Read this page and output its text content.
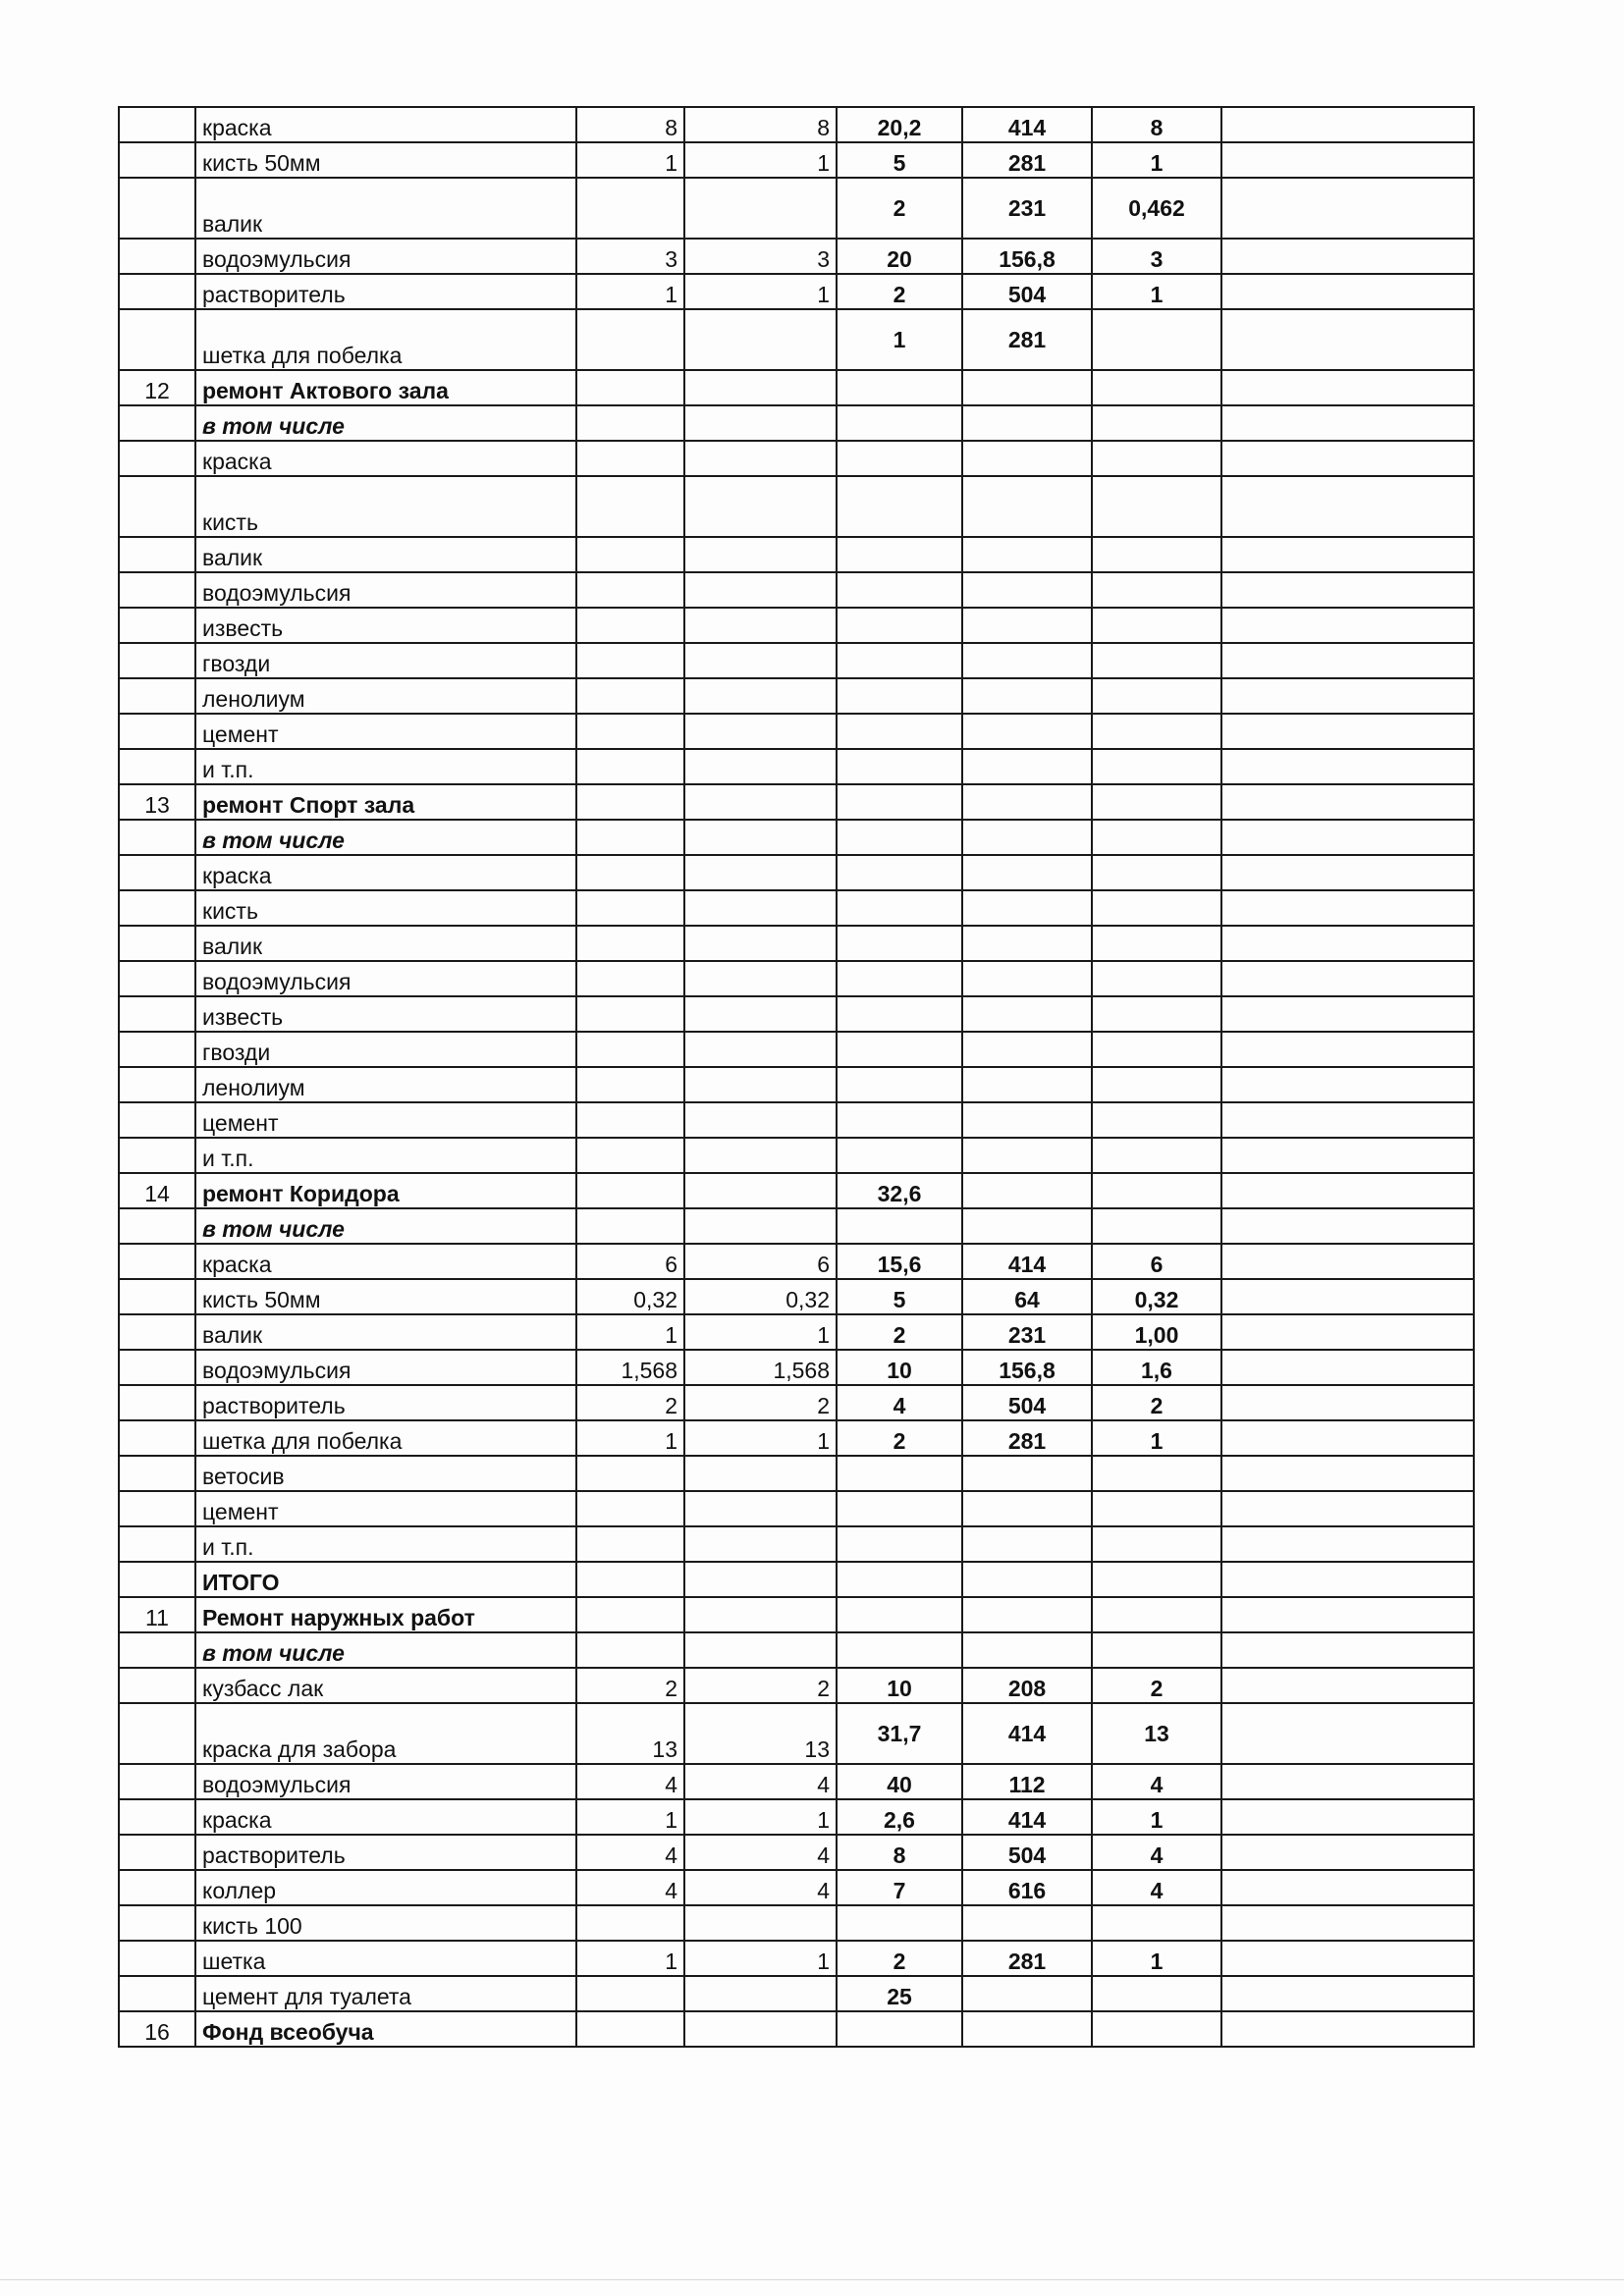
	краска	8	8	20,2	414	8	
	кисть 50мм	1	1	5	281	1	
	валик			2	231	0,462	
	водоэмульсия	3	3	20	156,8	3	
	растворитель	1	1	2	504	1	
	шетка для побелка			1	281		
12	ремонт Актового зала						
	в том числе						
	краска						
	кисть						
	валик						
	водоэмульсия						
	известь						
	гвозди						
	ленолиум						
	цемент						
	и т.п.						
13	ремонт Спорт зала						
	в том числе						
	краска						
	кисть						
	валик						
	водоэмульсия						
	известь						
	гвозди						
	ленолиум						
	цемент						
	и т.п.						
14	ремонт Коридора			32,6			
	в том числе						
	краска	6	6	15,6	414	6	
	кисть 50мм	0,32	0,32	5	64	0,32	
	валик	1	1	2	231	1,00	
	водоэмульсия	1,568	1,568	10	156,8	1,6	
	растворитель	2	2	4	504	2	
	шетка для побелка	1	1	2	281	1	
	ветосив						
	цемент						
	и т.п.						
	ИТОГО						
11	Ремонт наружных работ						
	в том числе						
	кузбасс лак	2	2	10	208	2	
	краска для забора	13	13	31,7	414	13	
	водоэмульсия	4	4	40	112	4	
	краска	1	1	2,6	414	1	
	растворитель	4	4	8	504	4	
	коллер	4	4	7	616	4	
	кисть 100						
	шетка	1	1	2	281	1	
	цемент для туалета			25			
16	Фонд всеобуча						
